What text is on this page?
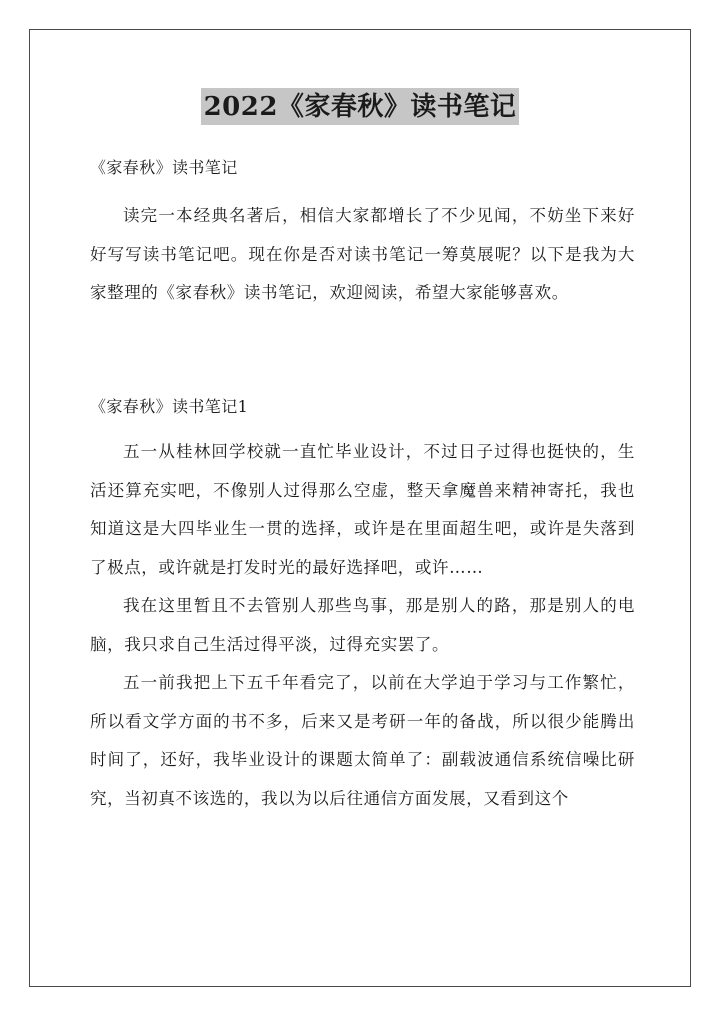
2022《家春秋》读书笔记
《家春秋》读书笔记

读完一本经典名著后，相信大家都增长了不少见闻，不妨坐下来好好写写读书笔记吧。现在你是否对读书笔记一筹莫展呢？以下是我为大家整理的《家春秋》读书笔记，欢迎阅读，希望大家能够喜欢。

《家春秋》读书笔记1

五一从桂林回学校就一直忙毕业设计，不过日子过得也挺快的，生活还算充实吧，不像别人过得那么空虚，整天拿魔兽来精神寄托，我也知道这是大四毕业生一贯的选择，或许是在里面超生吧，或许是失落到了极点，或许就是打发时光的最好选择吧，或许……

我在这里暂且不去管别人那些鸟事，那是别人的路，那是别人的电脑，我只求自己生活过得平淡，过得充实罢了。

五一前我把上下五千年看完了，以前在大学迫于学习与工作繁忙，所以看文学方面的书不多，后来又是考研一年的备战，所以很少能腾出时间了，还好，我毕业设计的课题太简单了：副载波通信系统信噪比研究，当初真不该选的，我以为以后往通信方面发展，又看到这个
